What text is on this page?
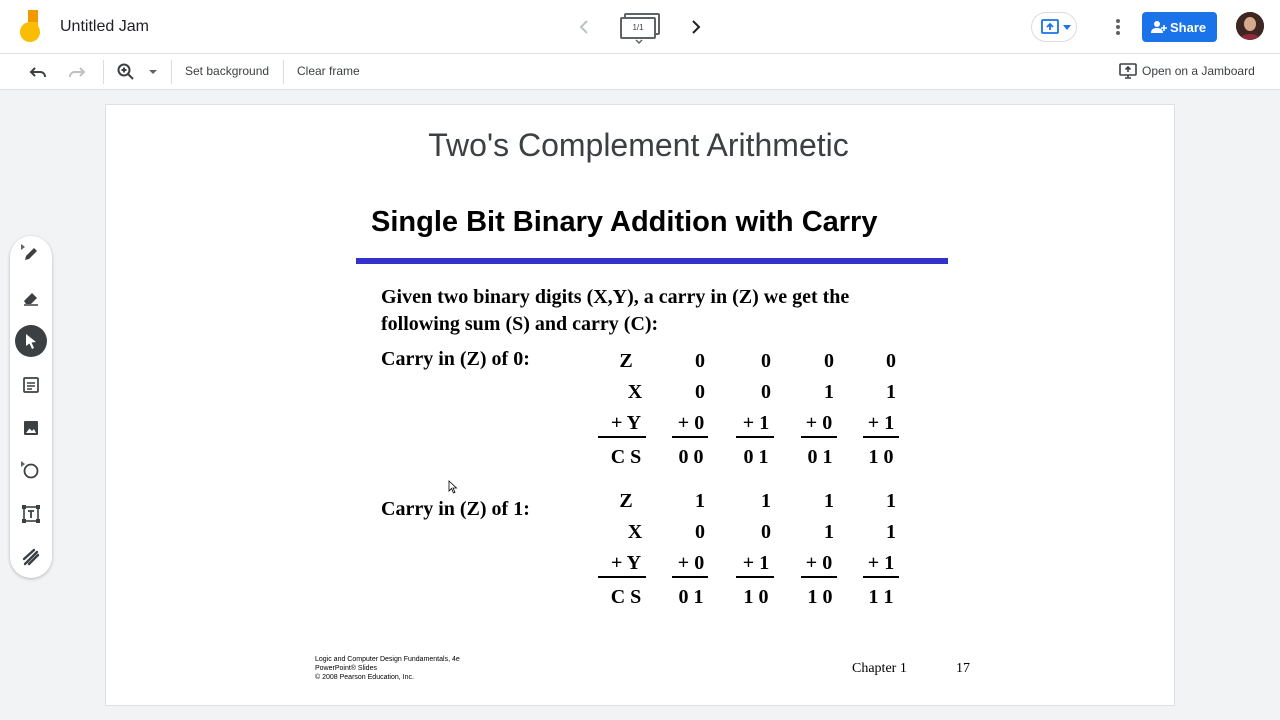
Untitled Jam	1/1	Share
Set background Clear frame	Open on a Jamboard
Two's Complement Arithmetic
Single Bit Binary Addition with Carry
Given two binary digits (X,Y), a carry in (Z) we get the
following sum (S) and carry (C):
Carry in (Z) of 0:	Z	0	0	0	0
X	0	0	1	1
+ Y	+ 0	+ 1	+ 0	+ 1
C S	0 0	0 1	0 1	1 0
Carry in (Z) of 1:	Z	1	1	1	1
X	0	0	1	1
+ Y	+ 0	+ 1	+ 0	+ 1
C S	0 1	1 0	1 0	1 1
Logic and Computer Design Fundamentals, 4e
PowerPoint® Slides
© 2008 Pearson Education, Inc.
Chapter 1	17
